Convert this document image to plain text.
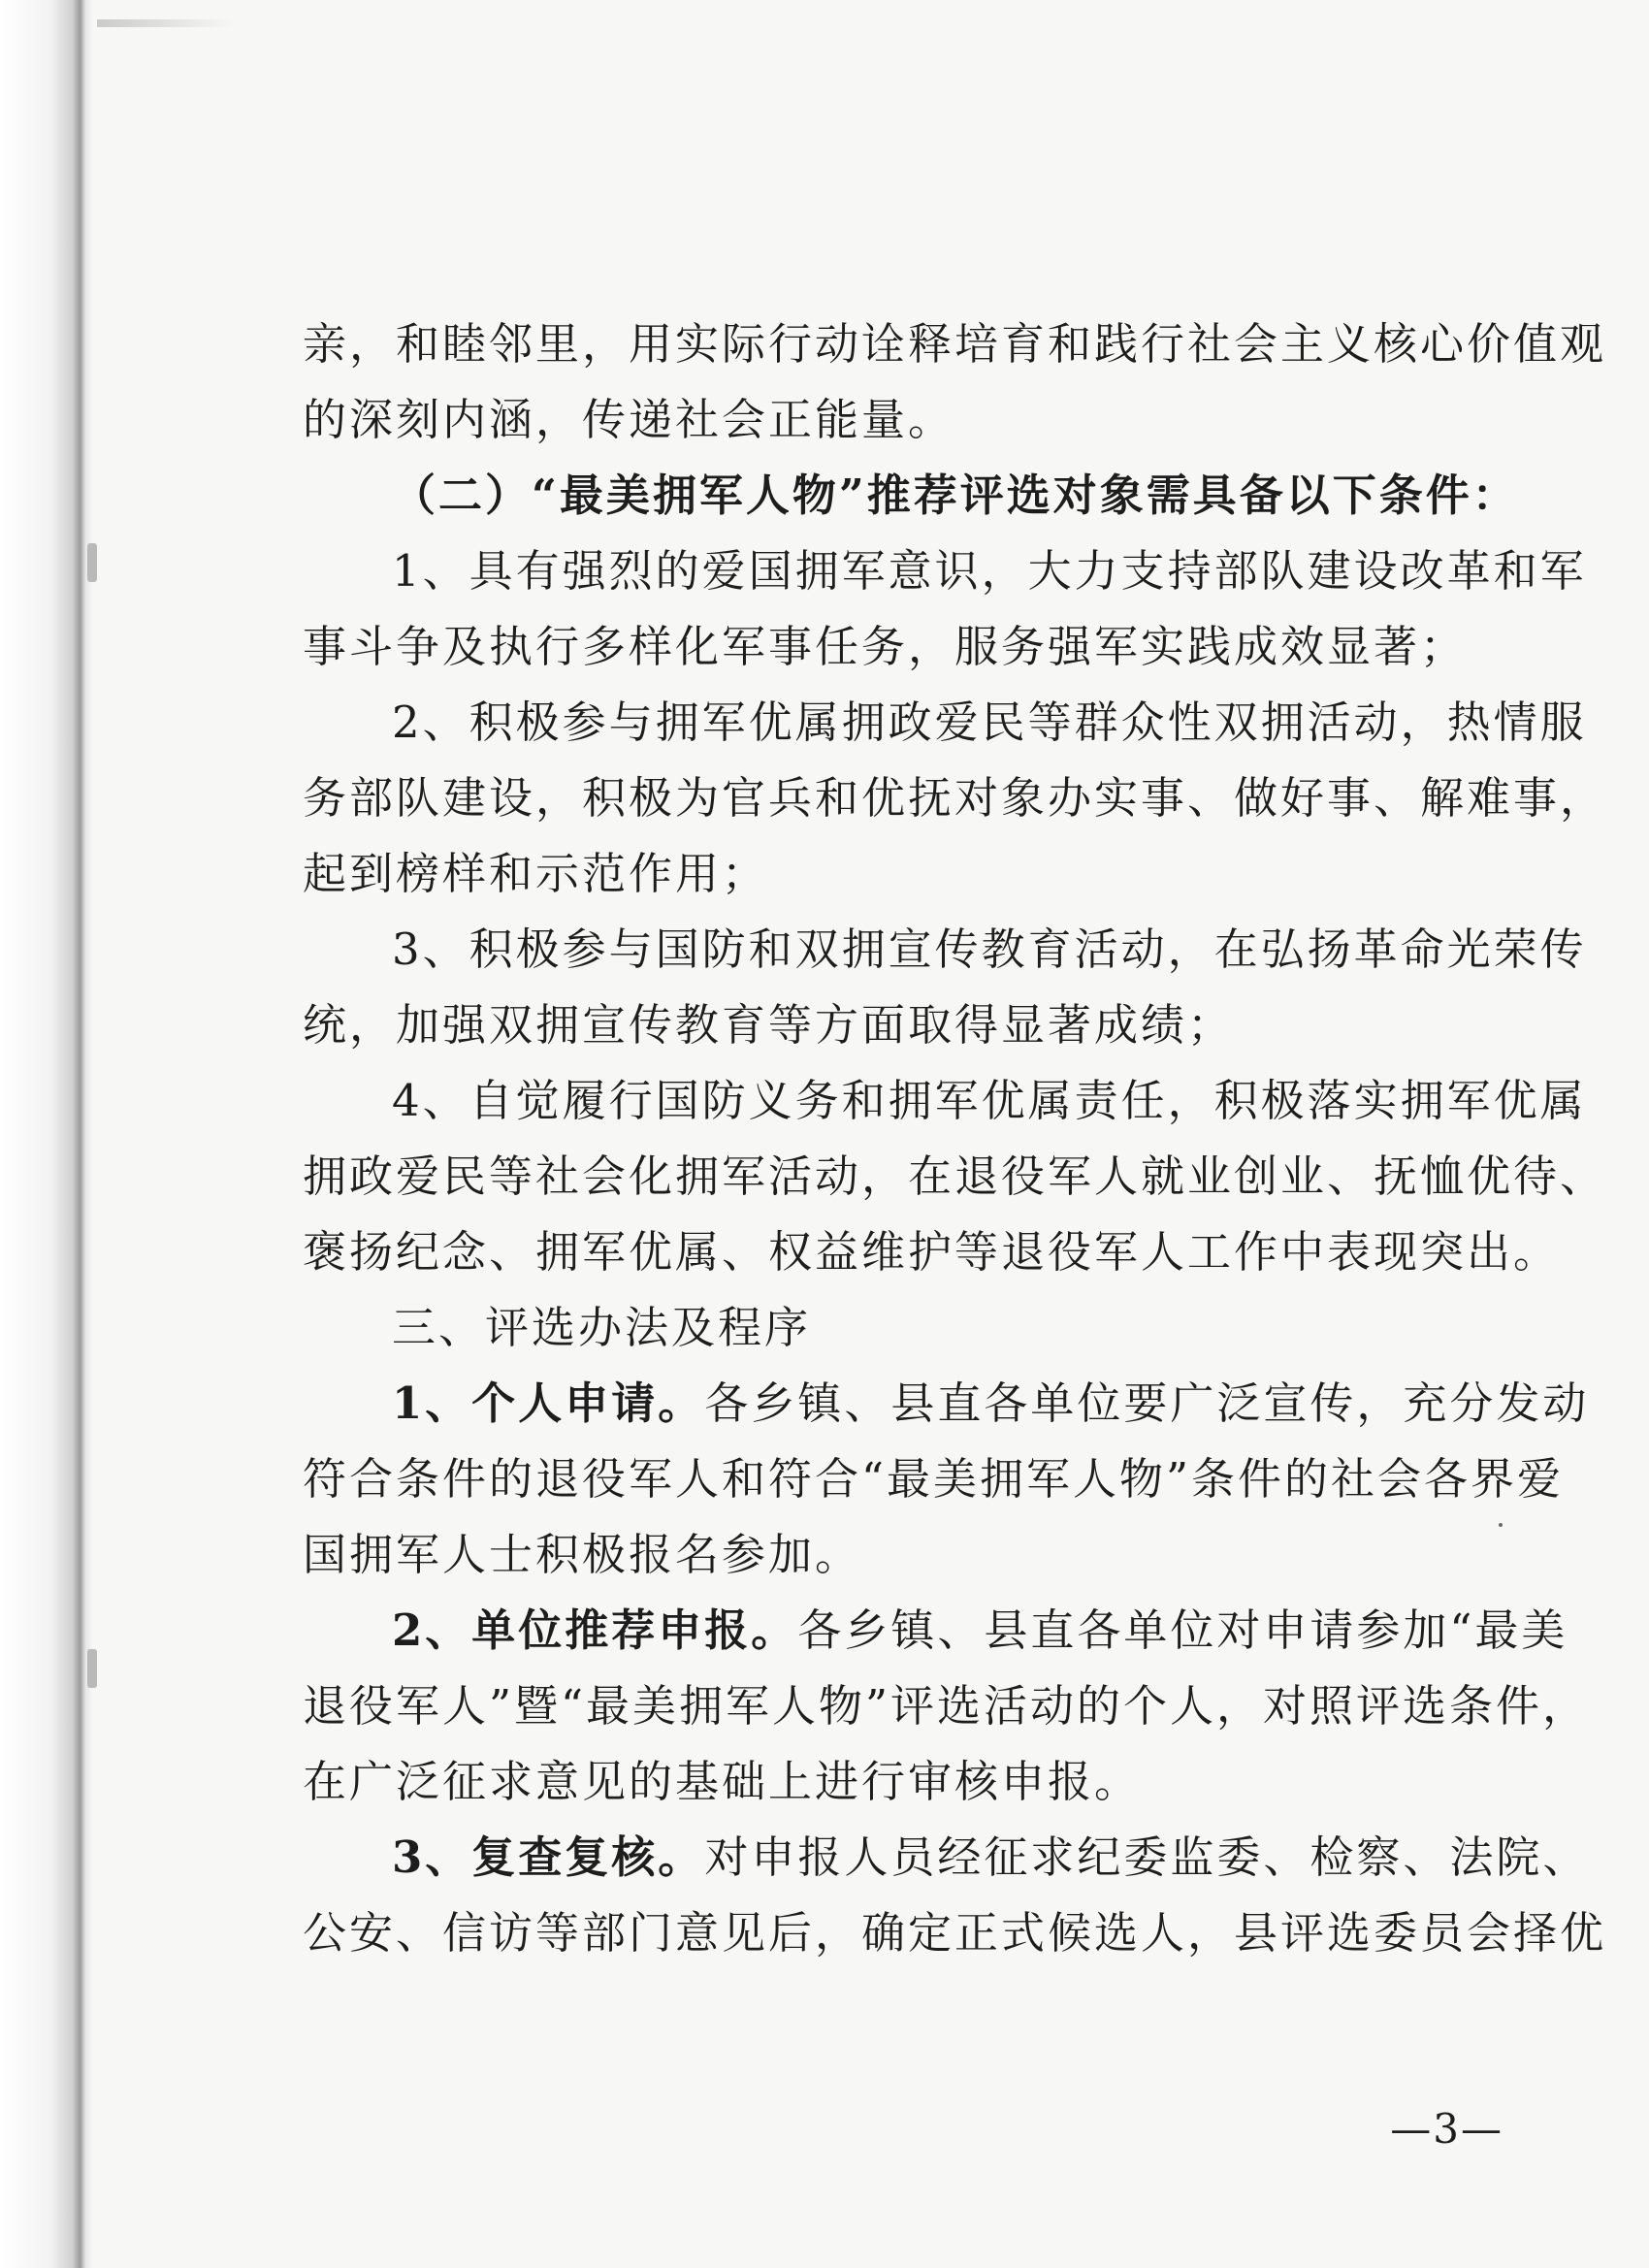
亲，和睦邻里，用实际行动诠释培育和践行社会主义核心价值观
的深刻内涵，传递社会正能量。
（二）“最美拥军人物”推荐评选对象需具备以下条件：
1、具有强烈的爱国拥军意识，大力支持部队建设改革和军
事斗争及执行多样化军事任务，服务强军实践成效显著；
2、积极参与拥军优属拥政爱民等群众性双拥活动，热情服
务部队建设，积极为官兵和优抚对象办实事、做好事、解难事，
起到榜样和示范作用；
3、积极参与国防和双拥宣传教育活动，在弘扬革命光荣传
统，加强双拥宣传教育等方面取得显著成绩；
4、自觉履行国防义务和拥军优属责任，积极落实拥军优属
拥政爱民等社会化拥军活动，在退役军人就业创业、抚恤优待、
褒扬纪念、拥军优属、权益维护等退役军人工作中表现突出。
三、评选办法及程序
1、个人申请。各乡镇、县直各单位要广泛宣传，充分发动
符合条件的退役军人和符合“最美拥军人物”条件的社会各界爱
国拥军人士积极报名参加。
2、单位推荐申报。各乡镇、县直各单位对申请参加“最美
退役军人”暨“最美拥军人物”评选活动的个人，对照评选条件，
在广泛征求意见的基础上进行审核申报。
3、复查复核。对申报人员经征求纪委监委、检察、法院、
公安、信访等部门意见后，确定正式候选人，县评选委员会择优
—3—
